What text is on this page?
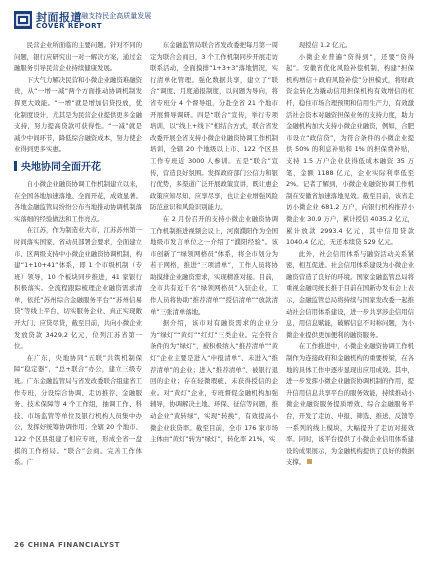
封面报道
·金融支持民企高质量发展
COVER REPORT

民营企业所面临的主要问题。针对不同的问题，银行应研究出一对一解决方案，通过金融服务引导民营企业持续健康发展。

下大气力解决民营和小微企业融资难融资贵，从“一增一减”两个方面推动协调机制发挥更大效能。“一增”就是增加信贷投放，优化制度设计，尤其是为民营企业提供更多金融支持，努力提高贷款可获得性。“一减”就是减少中间环节，降低综合融资成本，努力使企业得到更多实惠。

央地协同全面开花

自小微企业融资协调工作机制建立以来，在全国各地加速落地、全面开花，成效显著。各地金融监管局纷纷公布当地推动协调机制落实落细的经验做法和工作亮点。

在江苏，作为制造业大市，江苏苏州第一时间落实国家、省动员部署会要求，全面建立市、区两级支持中小微企业融资协调机制，构建“1+10+41”体系，即 1 个市级机制（专班）领导，10 个板块同步推进，41 家银行积极落实。全流程跟踪梳理企业融资需求清单，依托“苏州综合金融服务平台”“苏州信易贷”等线上平台，切实服务企业、真正实现敞开大门、应贷尽贷，截至目前，共向小微企业发放贷款 3429.2 亿元，位列江苏省第一位。

在广东，央地协同“五联”共筑机制保障“稳定器”，“总+联合”办公，建立三级专班。广东金融监管局与省发改委联合组建省工作专班，分设综合协调、走访推荐、金融服务、技术保障等 4 个工作组，抽调工作、科技、市场监管等单位及银行机构人员集中办公，发挥好统筹协调作用；全辖 20 个地市、122 个区县组建了相应专班，形成全省一盘棋的工作格局。“联合”会商。完善工作体系。广

东金融监管局联合省发改委把每月第一周定为联合会商日，3 个工作机制同步开展走访联系活动，全面摸排“1+3+3”落地情况，实行清单化管理。强化数据共享，建立了“联合”调度、月度通报制度，以问题为导向，将省专班分 4 个督导组，分赴全省 21 个地市开展督导调研。四是“联合”宣传，举行专项培训，以“线上+线下”相结合方式，联合省发改委开展全省支持小微企业融资协调工作机制培训，全辖 20 个地级以上市、122 个区县工作专班近 3000 人参训。五是“联合”宣传，营造良好氛围。发挥政府部门公信力和银行优势，多渠道广泛开展政策宣讲，既让惠企政策应知尽知、应享尽享，也让企业增强风险防范意识和风险识别能力。

在 2 月份召开的支持小微企业融资协调工作机制推进视频会议上，河南濮阳作为全国地级市发言单位之一介绍了“濮阳经验”。该市创新了“绿领网格员”体系，将全市划分为若干网格，推进“三项清单”，工作人员将协助摸排企业融资需求，实现精准对接。目前，全市共有近千名“绿领网格员”入驻企业，工作人员将协助“推荐清单”“授信清单”“放款清单”三张清单落地。

据介绍，该市对有融资需求的企业分为“绿灯”“黄灯”“红灯”三类企业。完全符合条件的为“绿灯”，被积极纳入“推荐清单”“黄灯”企业主要是进入“申报清单”、未进入“推荐清单”的企业；进入“推荐清单”、被银行退回的企业；存在轻微瑕疵、未获得授信的企业。对“黄灯”企业，专班督促金融机构加强辅导，协调解决土地、环保、征信等问题，推动企业“黄转绿”，实现“转换”，有效提高小微企业获贷率。截至目前，全市 176 家市场主体由“黄灯”转为“绿灯”，转化率 21%，实

现授信 1.2 亿元。

小微企业普遍“贷得到”，还要“贷得起”。安徽省优化风险补偿机制，构建“担保机构增信＋政府风险补偿”分担模式，将财政资金转化为撬动信用担保机构有效增信的杠杆，稳住市场合理预期和信用生产力，有效激活社会资本对融资担保业务的支持力度，助力金融机构加大支持小微企业融资，例如，合肥市设立“政信贷”，为符合条件的小微企业提供 50% 的利息补贴和 1% 的担保费补贴，支持 1.5 万户企业获得低成本融资 35 万笔，金额 1188 亿元，企业实际利率低至 2%。记者了解到，小微企业融资协调工作机制在安徽省加速落地见效。截至目前，该省走访小微企业 681.2 万户，向银行机构推荐小微企业 30.9 万户，累计授信 4035.2 亿元，累计放款 2993.4 亿元，其中信用贷款 1040.4 亿元，无还本续贷 529 亿元。

此外，社会信用体系与融资活动关系紧密，相互促进。社会信用体系建设为小微企业融资营造了良好的环境。国家金融监管总局将重视金融司统长推于目前在国新办发布会上表示，金融监管总局将持续与国家发改委一起推动社会信用体系建设，进一步共享涉企信用信息，用信息赋能，破解信息不对称问题，为小微企业提供更加便利的融资服务。

在工作推进中，小微企业融资协调工作机制作为连接政府和金融机构的重要桥梁，在各地的具体工作中逐步显现出应用成效。其中，进一步发挥小微企业融资协调机制的作用，提升信用信息共享平台的服务效能，持续推动小微企业融资服务提质增效、综合金融服务平台，开发了走访、申报、筛选、推送、反馈等一系列的线上模块，大幅提升了走访对接效率。同时，该平台提供了小微企业信用体系建设的成果展示，为金融机构提供了良好的数据支撑。

26 CHINA FINANCIALYST
